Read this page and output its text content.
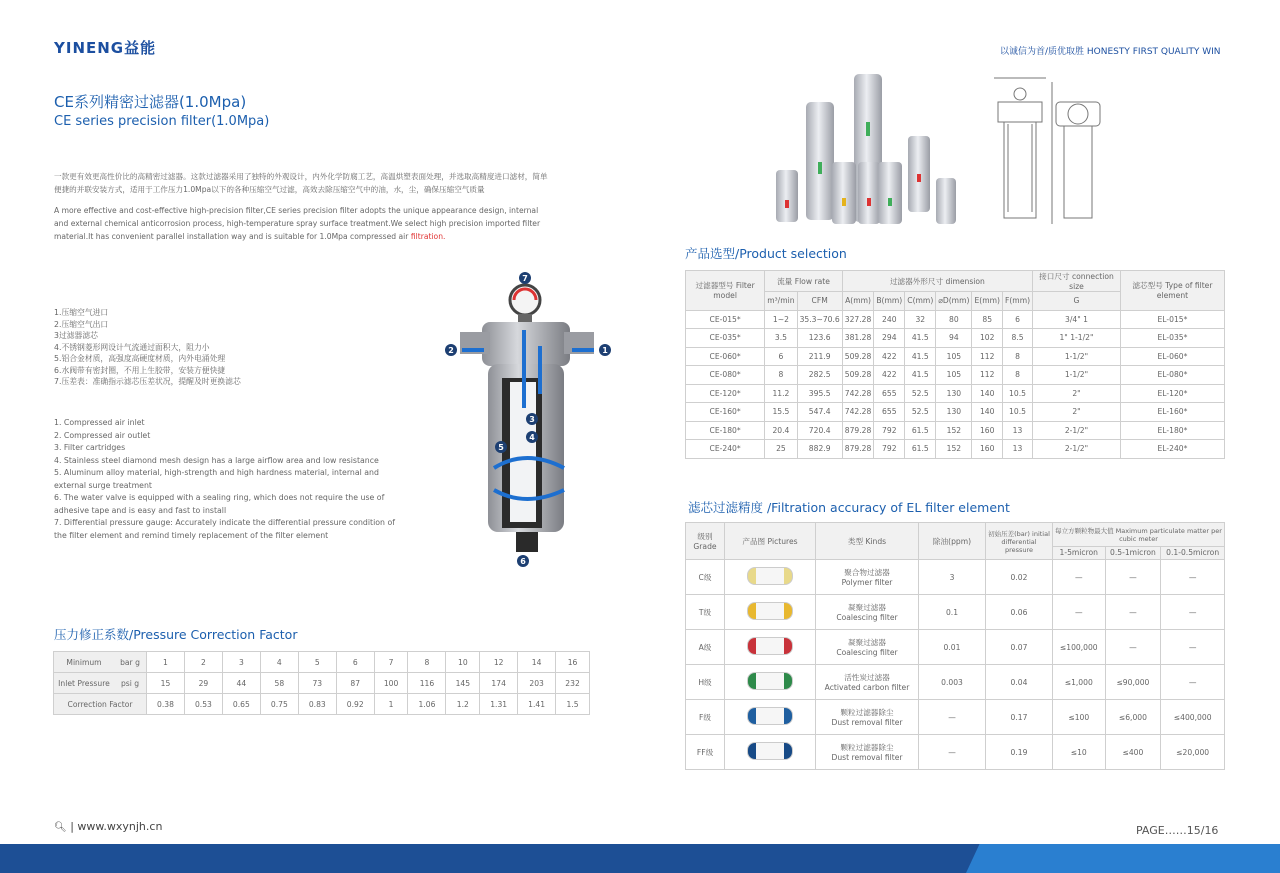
YINENG益能	以诚信为首/质优取胜 HONESTY FIRST QUALITY WIN
CE系列精密过滤器(1.0Mpa)
CE series precision filter(1.0Mpa)
一款更有效更高性价比的高精密过滤器。这款过滤器采用了独特的外观设计，内外化学防腐工艺，高温烘塑表面处理，并选取高精度进口滤材，简单便捷的并联安装方式，适用于工作压力1.0Mpa以下的各种压缩空气过滤，高效去除压缩空气中的油，水，尘，确保压缩空气质量
A more effective and cost-effective high-precision filter,CE series precision filter adopts the unique appearance design, internal and external chemical anticorrosion process, high-temperature spray surface treatment.We select high precision imported filter material.It has convenient parallel installation way and is suitable for 1.0Mpa compressed air filtration.
1.压缩空气进口
2.压缩空气出口
3过滤器滤芯
4.不锈钢菱形网设计气流通过面积大，阻力小
5.铝合金材质，高强度高硬度材质，内外电涌处理
6.水阀带有密封圈，不用上生胶带，安装方便快捷
7.压差表：准确指示滤芯压差状况，提醒及时更换滤芯
1. Compressed air inlet
2. Compressed air outlet
3. Filter cartridges
4. Stainless steel diamond mesh design has a large airflow area and low resistance
5. Aluminum alloy material, high-strength and high hardness material, internal and external surge treatment
6. The water valve is equipped with a sealing ring, which does not require the use of adhesive tape and is easy and fast to install
7. Differential pressure gauge: Accurately indicate the differential pressure condition of the filter element and remind timely replacement of the filter element
7
2	1
3
4
5
6
产品选型/Product selection
过滤器型号 Filter model	流量 Flow rate		过滤器外形尺寸 dimension						接口尺寸 connection size	滤芯型号 Type of filter element
	m³/min	CFM	A(mm)	B(mm)	C(mm)	⌀D(mm)	E(mm)	F(mm)	G	
CE-015*	1~2	35.3~70.6	327.28	240	32	80	85	6	3/4" 1	EL-015*
CE-035*	3.5	123.6	381.28	294	41.5	94	102	8.5	1" 1-1/2"	EL-035*
CE-060*	6	211.9	509.28	422	41.5	105	112	8	1-1/2"	EL-060*
CE-080*	8	282.5	509.28	422	41.5	105	112	8	1-1/2"	EL-080*
CE-120*	11.2	395.5	742.28	655	52.5	130	140	10.5	2"	EL-120*
CE-160*	15.5	547.4	742.28	655	52.5	130	140	10.5	2"	EL-160*
CE-180*	20.4	720.4	879.28	792	61.5	152	160	13	2-1/2"	EL-180*
CE-240*	25	882.9	879.28	792	61.5	152	160	13	2-1/2"	EL-240*
滤芯过滤精度 /Filtration accuracy of EL filter element
级别 Grade	产品图 Pictures	类型 Kinds	除油(ppm)	初始压差(bar) initial differential pressure	每立方颗粒物最大值 Maximum particulate matter per cubic meter		
					1-5micron	0.5-1micron	0.1-0.5micron
C级		聚合物过滤器
Polymer filter	3	0.02	—	—	—
T级		凝聚过滤器
Coalescing filter	0.1	0.06	—	—	—
A级		凝聚过滤器
Coalescing filter	0.01	0.07	≤100,000	—	—
H级		活性炭过滤器
Activated carbon filter	0.003	0.04	≤1,000	≤90,000	—
F级		颗粒过滤器除尘
Dust removal filter	—	0.17	≤100	≤6,000	≤400,000
FF级		颗粒过滤器除尘
Dust removal filter	—	0.19	≤10	≤400	≤20,000
压力修正系数/Pressure Correction Factor
Minimum	bar g	1	2	3	4	5	6	7	8	10	12	14	16
Inlet Pressure	psi g	15	29	44	58	73	87	100	116	145	174	203	232
Correction Factor		0.38	0.53	0.65	0.75	0.83	0.92	1	1.06	1.2	1.31	1.41	1.5
🔍︎ | www.wxynjh.cn	PAGE……15/16
